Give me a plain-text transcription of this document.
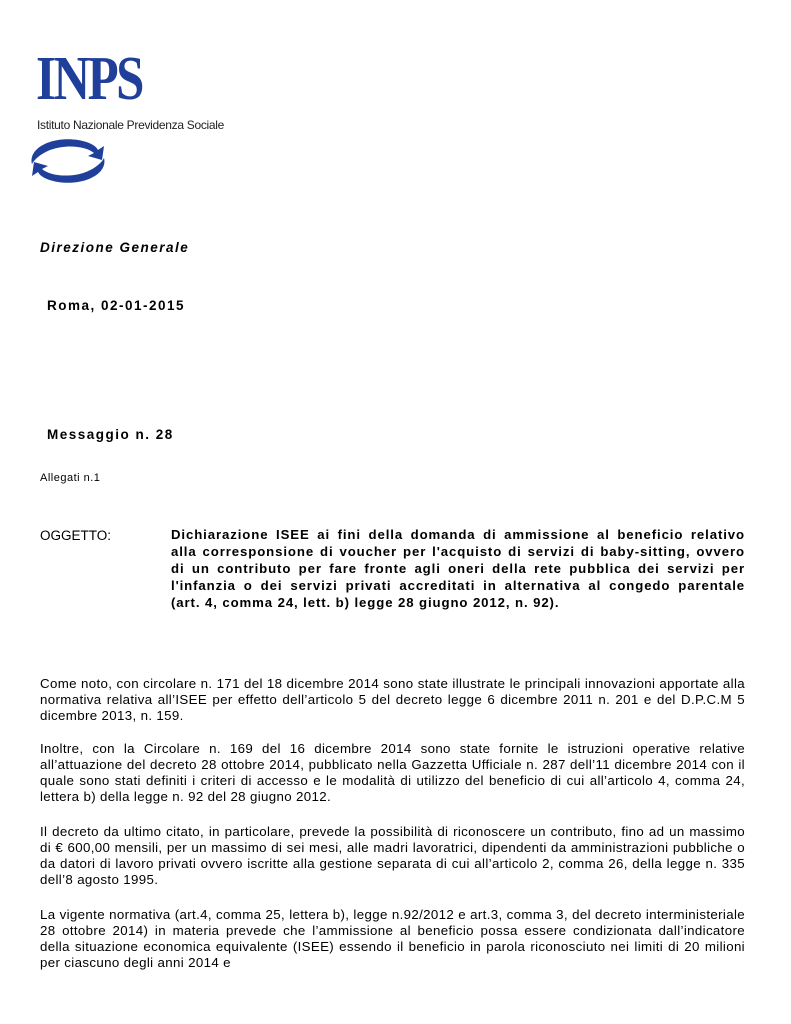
INPS
Istituto Nazionale Previdenza Sociale
Direzione Generale
Roma, 02-01-2015
Messaggio n. 28
Allegati n.1
OGGETTO:	Dichiarazione ISEE ai fini della domanda di ammissione al beneficio relativo alla corresponsione di voucher per l'acquisto di servizi di baby-sitting, ovvero di un contributo per fare fronte agli oneri della rete pubblica dei servizi per l'infanzia o dei servizi privati accreditati in alternativa al congedo parentale (art. 4, comma 24, lett. b) legge 28 giugno 2012, n. 92).

Come noto, con circolare n. 171 del 18 dicembre 2014 sono state illustrate le principali innovazioni apportate alla normativa relativa all’ISEE per effetto dell’articolo 5 del decreto legge 6 dicembre 2011 n. 201 e del D.P.C.M 5 dicembre 2013, n. 159.

Inoltre, con la Circolare n. 169 del 16 dicembre 2014 sono state fornite le istruzioni operative relative all’attuazione del decreto 28 ottobre 2014, pubblicato nella Gazzetta Ufficiale n. 287 dell’11 dicembre 2014 con il quale sono stati definiti i criteri di accesso e le modalità di utilizzo del beneficio di cui all’articolo 4, comma 24, lettera b) della legge n. 92 del 28 giugno 2012.

Il decreto da ultimo citato, in particolare, prevede la possibilità di riconoscere un contributo, fino ad un massimo di € 600,00 mensili, per un massimo di sei mesi, alle madri lavoratrici, dipendenti da amministrazioni pubbliche o da datori di lavoro privati ovvero iscritte alla gestione separata di cui all’articolo 2, comma 26, della legge n. 335 dell’8 agosto 1995.

La vigente normativa (art.4, comma 25, lettera b), legge n.92/2012 e art.3, comma 3, del decreto interministeriale 28 ottobre 2014) in materia prevede che l’ammissione al beneficio possa essere condizionata dall’indicatore della situazione economica equivalente (ISEE) essendo il beneficio in parola riconosciuto nei limiti di 20 milioni per ciascuno degli anni 2014 e
